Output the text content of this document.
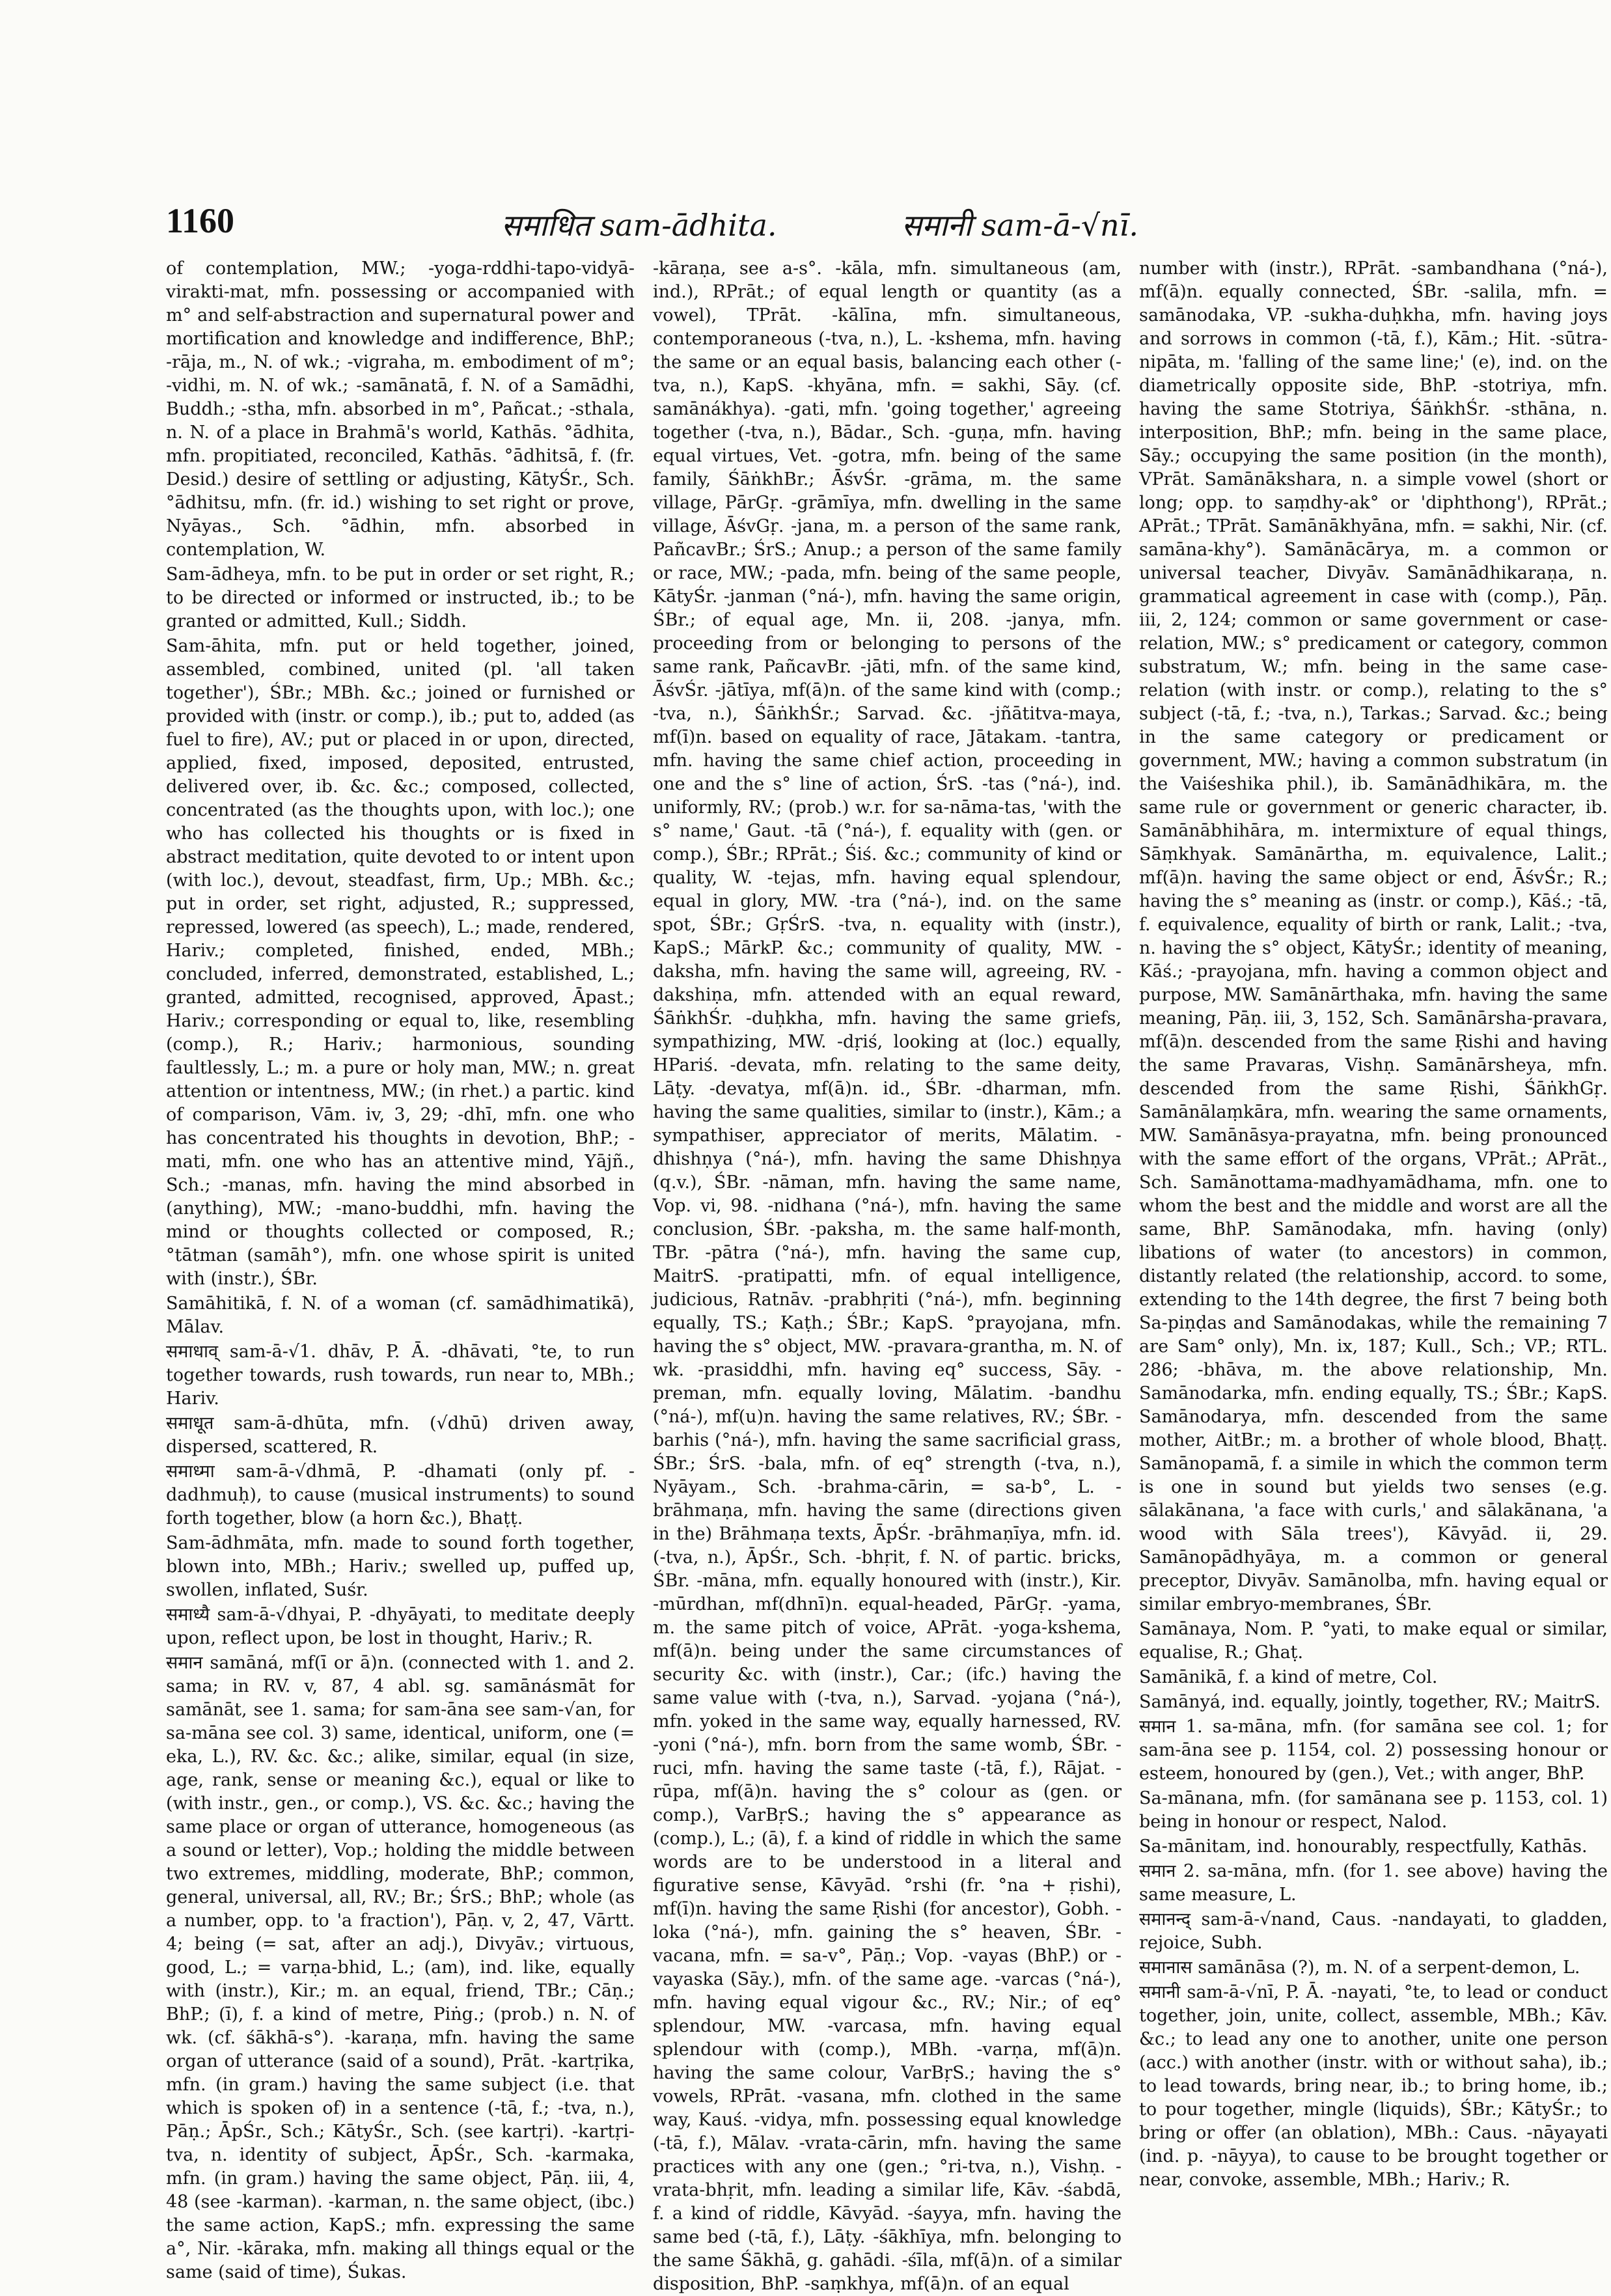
1160	समाधित sam-ādhita.	समानी sam-ā-√nī.

of contemplation, MW.; -yoga-rddhi-tapo-vidyā-virakti-mat, mfn. possessing or accompanied with m° and self-abstraction and supernatural power and mortification and knowledge and indifference, BhP.; -rāja, m., N. of wk.; -vigraha, m. embodiment of m°; -vidhi, m. N. of wk.; -samānatā, f. N. of a Samādhi, Buddh.; -stha, mfn. absorbed in m°, Pañcat.; -sthala, n. N. of a place in Brahmā's world, Kathās. °ādhita, mfn. propitiated, reconciled, Kathās. °ādhitsā, f. (fr. Desid.) desire of settling or adjusting, KātyŚr., Sch. °ādhitsu, mfn. (fr. id.) wishing to set right or prove, Nyāyas., Sch. °ādhin, mfn. absorbed in contemplation, W.

Sam-ādheya, mfn. to be put in order or set right, R.; to be directed or informed or instructed, ib.; to be granted or admitted, Kull.; Siddh.

Sam-āhita, mfn. put or held together, joined, assembled, combined, united (pl. 'all taken together'), ŚBr.; MBh. &c.; joined or furnished or provided with (instr. or comp.), ib.; put to, added (as fuel to fire), AV.; put or placed in or upon, directed, applied, fixed, imposed, deposited, entrusted, delivered over, ib. &c. &c.; composed, collected, concentrated (as the thoughts upon, with loc.); one who has collected his thoughts or is fixed in abstract meditation, quite devoted to or intent upon (with loc.), devout, steadfast, firm, Up.; MBh. &c.; put in order, set right, adjusted, R.; suppressed, repressed, lowered (as speech), L.; made, rendered, Hariv.; completed, finished, ended, MBh.; concluded, inferred, demonstrated, established, L.; granted, admitted, recognised, approved, Āpast.; Hariv.; corresponding or equal to, like, resembling (comp.), R.; Hariv.; harmonious, sounding faultlessly, L.; m. a pure or holy man, MW.; n. great attention or intentness, MW.; (in rhet.) a partic. kind of comparison, Vām. iv, 3, 29; -dhī, mfn. one who has concentrated his thoughts in devotion, BhP.; -mati, mfn. one who has an attentive mind, Yājñ., Sch.; -manas, mfn. having the mind absorbed in (anything), MW.; -mano-buddhi, mfn. having the mind or thoughts collected or composed, R.; °tātman (samāh°), mfn. one whose spirit is united with (instr.), ŚBr.

Samāhitikā, f. N. of a woman (cf. samādhimatikā), Mālav.

समाधाव् sam-ā-√1. dhāv, P. Ā. -dhāvati, °te, to run together towards, rush towards, run near to, MBh.; Hariv.

समाधूत sam-ā-dhūta, mfn. (√dhū) driven away, dispersed, scattered, R.

समाध्मा sam-ā-√dhmā, P. -dhamati (only pf. -dadhmuḥ), to cause (musical instruments) to sound forth together, blow (a horn &c.), Bhaṭṭ.

Sam-ādhmāta, mfn. made to sound forth together, blown into, MBh.; Hariv.; swelled up, puffed up, swollen, inflated, Suśr.

समाध्यै sam-ā-√dhyai, P. -dhyāyati, to meditate deeply upon, reflect upon, be lost in thought, Hariv.; R.

समान samāná, mf(ī or ā)n. (connected with 1. and 2. sama; in RV. v, 87, 4 abl. sg. samānásmāt for samānāt, see 1. sama; for sam-āna see sam-√an, for sa-māna see col. 3) same, identical, uniform, one (= eka, L.), RV. &c. &c.; alike, similar, equal (in size, age, rank, sense or meaning &c.), equal or like to (with instr., gen., or comp.), VS. &c. &c.; having the same place or organ of utterance, homogeneous (as a sound or letter), Vop.; holding the middle between two extremes, middling, moderate, BhP.; common, general, universal, all, RV.; Br.; ŚrS.; BhP.; whole (as a number, opp. to 'a fraction'), Pāṇ. v, 2, 47, Vārtt. 4; being (= sat, after an adj.), Divyāv.; virtuous, good, L.; = varṇa-bhid, L.; (am), ind. like, equally with (instr.), Kir.; m. an equal, friend, TBr.; Cāṇ.; BhP.; (ī), f. a kind of metre, Piṅg.; (prob.) n. N. of wk. (cf. śākhā-s°). -karaṇa, mfn. having the same organ of utterance (said of a sound), Prāt. -kartṛika, mfn. (in gram.) having the same subject (i.e. that which is spoken of) in a sentence (-tā, f.; -tva, n.), Pāṇ.; ĀpŚr., Sch.; KātyŚr., Sch. (see kartṛi). -kartṛi-tva, n. identity of subject, ĀpŚr., Sch. -karmaka, mfn. (in gram.) having the same object, Pāṇ. iii, 4, 48 (see -karman). -karman, n. the same object, (ibc.) the same action, KapS.; mfn. expressing the same a°, Nir. -kāraka, mfn. making all things equal or the same (said of time), Śukas.

-kāraṇa, see a-s°. -kāla, mfn. simultaneous (am, ind.), RPrāt.; of equal length or quantity (as a vowel), TPrāt. -kālīna, mfn. simultaneous, contemporaneous (-tva, n.), L. -kshema, mfn. having the same or an equal basis, balancing each other (-tva, n.), KapS. -khyāna, mfn. = sakhi, Sāy. (cf. samānákhya). -gati, mfn. 'going together,' agreeing together (-tva, n.), Bādar., Sch. -guṇa, mfn. having equal virtues, Vet. -gotra, mfn. being of the same family, ŚāṅkhBr.; ĀśvŚr. -grāma, m. the same village, PārGṛ. -grāmīya, mfn. dwelling in the same village, ĀśvGṛ. -jana, m. a person of the same rank, PañcavBr.; ŚrS.; Anup.; a person of the same family or race, MW.; -pada, mfn. being of the same people, KātyŚr. -janman (°ná-), mfn. having the same origin, ŚBr.; of equal age, Mn. ii, 208. -janya, mfn. proceeding from or belonging to persons of the same rank, PañcavBr. -jāti, mfn. of the same kind, ĀśvŚr. -jātīya, mf(ā)n. of the same kind with (comp.; -tva, n.), ŚāṅkhŚr.; Sarvad. &c. -jñātitva-maya, mf(ī)n. based on equality of race, Jātakam. -tantra, mfn. having the same chief action, proceeding in one and the s° line of action, ŚrS. -tas (°ná-), ind. uniformly, RV.; (prob.) w.r. for sa-nāma-tas, 'with the s° name,' Gaut. -tā (°ná-), f. equality with (gen. or comp.), ŚBr.; RPrāt.; Śiś. &c.; community of kind or quality, W. -tejas, mfn. having equal splendour, equal in glory, MW. -tra (°ná-), ind. on the same spot, ŚBr.; GṛŚrS. -tva, n. equality with (instr.), KapS.; MārkP. &c.; community of quality, MW. -daksha, mfn. having the same will, agreeing, RV. -dakshiṇa, mfn. attended with an equal reward, ŚāṅkhŚr. -duḥkha, mfn. having the same griefs, sympathizing, MW. -dṛiś, looking at (loc.) equally, HPariś. -devata, mfn. relating to the same deity, Lāṭy. -devatya, mf(ā)n. id., ŚBr. -dharman, mfn. having the same qualities, similar to (instr.), Kām.; a sympathiser, appreciator of merits, Mālatim. -dhishṇya (°ná-), mfn. having the same Dhishṇya (q.v.), ŚBr. -nāman, mfn. having the same name, Vop. vi, 98. -nidhana (°ná-), mfn. having the same conclusion, ŚBr. -paksha, m. the same half-month, TBr. -pātra (°ná-), mfn. having the same cup, MaitrS. -pratipatti, mfn. of equal intelligence, judicious, Ratnāv. -prabhṛiti (°ná-), mfn. beginning equally, TS.; Kaṭh.; ŚBr.; KapS. °prayojana, mfn. having the s° object, MW. -pravara-grantha, m. N. of wk. -prasiddhi, mfn. having eq° success, Sāy. -preman, mfn. equally loving, Mālatim. -bandhu (°ná-), mf(u)n. having the same relatives, RV.; ŚBr. -barhis (°ná-), mfn. having the same sacrificial grass, ŚBr.; ŚrS. -bala, mfn. of eq° strength (-tva, n.), Nyāyam., Sch. -brahma-cārin, = sa-b°, L. -brāhmaṇa, mfn. having the same (directions given in the) Brāhmaṇa texts, ĀpŚr. -brāhmaṇīya, mfn. id. (-tva, n.), ĀpŚr., Sch. -bhṛit, f. N. of partic. bricks, ŚBr. -māna, mfn. equally honoured with (instr.), Kir. -mūrdhan, mf(dhnī)n. equal-headed, PārGṛ. -yama, m. the same pitch of voice, APrāt. -yoga-kshema, mf(ā)n. being under the same circumstances of security &c. with (instr.), Car.; (ifc.) having the same value with (-tva, n.), Sarvad. -yojana (°ná-), mfn. yoked in the same way, equally harnessed, RV. -yoni (°ná-), mfn. born from the same womb, ŚBr. -ruci, mfn. having the same taste (-tā, f.), Rājat. -rūpa, mf(ā)n. having the s° colour as (gen. or comp.), VarBṛS.; having the s° appearance as (comp.), L.; (ā), f. a kind of riddle in which the same words are to be understood in a literal and figurative sense, Kāvyād. °rshi (fr. °na + ṛishi), mf(ī)n. having the same Ṛishi (for ancestor), Gobh. -loka (°ná-), mfn. gaining the s° heaven, ŚBr. -vacana, mfn. = sa-v°, Pāṇ.; Vop. -vayas (BhP.) or -vayaska (Sāy.), mfn. of the same age. -varcas (°ná-), mfn. having equal vigour &c., RV.; Nir.; of eq° splendour, MW. -varcasa, mfn. having equal splendour with (comp.), MBh. -varṇa, mf(ā)n. having the same colour, VarBṛS.; having the s° vowels, RPrāt. -vasana, mfn. clothed in the same way, Kauś. -vidya, mfn. possessing equal knowledge (-tā, f.), Mālav. -vrata-cārin, mfn. having the same practices with any one (gen.; °ri-tva, n.), Vishṇ. -vrata-bhṛit, mfn. leading a similar life, Kāv. -śabdā, f. a kind of riddle, Kāvyād. -śayya, mfn. having the same bed (-tā, f.), Lāṭy. -śākhīya, mfn. belonging to the same Śākhā, g. gahādi. -śīla, mf(ā)n. of a similar disposition, BhP. -saṃkhya, mf(ā)n. of an equal

number with (instr.), RPrāt. -sambandhana (°ná-), mf(ā)n. equally connected, ŚBr. -salila, mfn. = samānodaka, VP. -sukha-duḥkha, mfn. having joys and sorrows in common (-tā, f.), Kām.; Hit. -sūtra-nipāta, m. 'falling of the same line;' (e), ind. on the diametrically opposite side, BhP. -stotriya, mfn. having the same Stotriya, ŚāṅkhŚr. -sthāna, n. interposition, BhP.; mfn. being in the same place, Sāy.; occupying the same position (in the month), VPrāt. Samānākshara, n. a simple vowel (short or long; opp. to saṃdhy-ak° or 'diphthong'), RPrāt.; APrāt.; TPrāt. Samānākhyāna, mfn. = sakhi, Nir. (cf. samāna-khy°). Samānācārya, m. a common or universal teacher, Divyāv. Samānādhikaraṇa, n. grammatical agreement in case with (comp.), Pāṇ. iii, 2, 124; common or same government or case-relation, MW.; s° predicament or category, common substratum, W.; mfn. being in the same case-relation (with instr. or comp.), relating to the s° subject (-tā, f.; -tva, n.), Tarkas.; Sarvad. &c.; being in the same category or predicament or government, MW.; having a common substratum (in the Vaiśeshika phil.), ib. Samānādhikāra, m. the same rule or government or generic character, ib. Samānābhihāra, m. intermixture of equal things, Sāṃkhyak. Samānārtha, m. equivalence, Lalit.; mf(ā)n. having the same object or end, ĀśvŚr.; R.; having the s° meaning as (instr. or comp.), Kāś.; -tā, f. equivalence, equality of birth or rank, Lalit.; -tva, n. having the s° object, KātyŚr.; identity of meaning, Kāś.; -prayojana, mfn. having a common object and purpose, MW. Samānārthaka, mfn. having the same meaning, Pāṇ. iii, 3, 152, Sch. Samānārsha-pravara, mf(ā)n. descended from the same Ṛishi and having the same Pravaras, Vishṇ. Samānārsheya, mfn. descended from the same Ṛishi, ŚāṅkhGṛ. Samānālaṃkāra, mfn. wearing the same ornaments, MW. Samānāsya-prayatna, mfn. being pronounced with the same effort of the organs, VPrāt.; APrāt., Sch. Samānottama-madhyamādhama, mfn. one to whom the best and the middle and worst are all the same, BhP. Samānodaka, mfn. having (only) libations of water (to ancestors) in common, distantly related (the relationship, accord. to some, extending to the 14th degree, the first 7 being both Sa-piṇḍas and Samānodakas, while the remaining 7 are Sam° only), Mn. ix, 187; Kull., Sch.; VP.; RTL. 286; -bhāva, m. the above relationship, Mn. Samānodarka, mfn. ending equally, TS.; ŚBr.; KapS. Samānodarya, mfn. descended from the same mother, AitBr.; m. a brother of whole blood, Bhaṭṭ. Samānopamā, f. a simile in which the common term is one in sound but yields two senses (e.g. sālakānana, 'a face with curls,' and sālakānana, 'a wood with Sāla trees'), Kāvyād. ii, 29. Samānopādhyāya, m. a common or general preceptor, Divyāv. Samānolba, mfn. having equal or similar embryo-membranes, ŚBr.

Samānaya, Nom. P. °yati, to make equal or similar, equalise, R.; Ghaṭ.

Samānikā, f. a kind of metre, Col.

Samānyá, ind. equally, jointly, together, RV.; MaitrS.

समान 1. sa-māna, mfn. (for samāna see col. 1; for sam-āna see p. 1154, col. 2) possessing honour or esteem, honoured by (gen.), Vet.; with anger, BhP.

Sa-mānana, mfn. (for samānana see p. 1153, col. 1) being in honour or respect, Nalod.

Sa-mānitam, ind. honourably, respectfully, Kathās.

समान 2. sa-māna, mfn. (for 1. see above) having the same measure, L.

समानन्द् sam-ā-√nand, Caus. -nandayati, to gladden, rejoice, Subh.

समानास samānāsa (?), m. N. of a serpent-demon, L.

समानी sam-ā-√nī, P. Ā. -nayati, °te, to lead or conduct together, join, unite, collect, assemble, MBh.; Kāv. &c.; to lead any one to another, unite one person (acc.) with another (instr. with or without saha), ib.; to lead towards, bring near, ib.; to bring home, ib.; to pour together, mingle (liquids), ŚBr.; KātyŚr.; to bring or offer (an oblation), MBh.: Caus. -nāyayati (ind. p. -nāyya), to cause to be brought together or near, convoke, assemble, MBh.; Hariv.; R.
